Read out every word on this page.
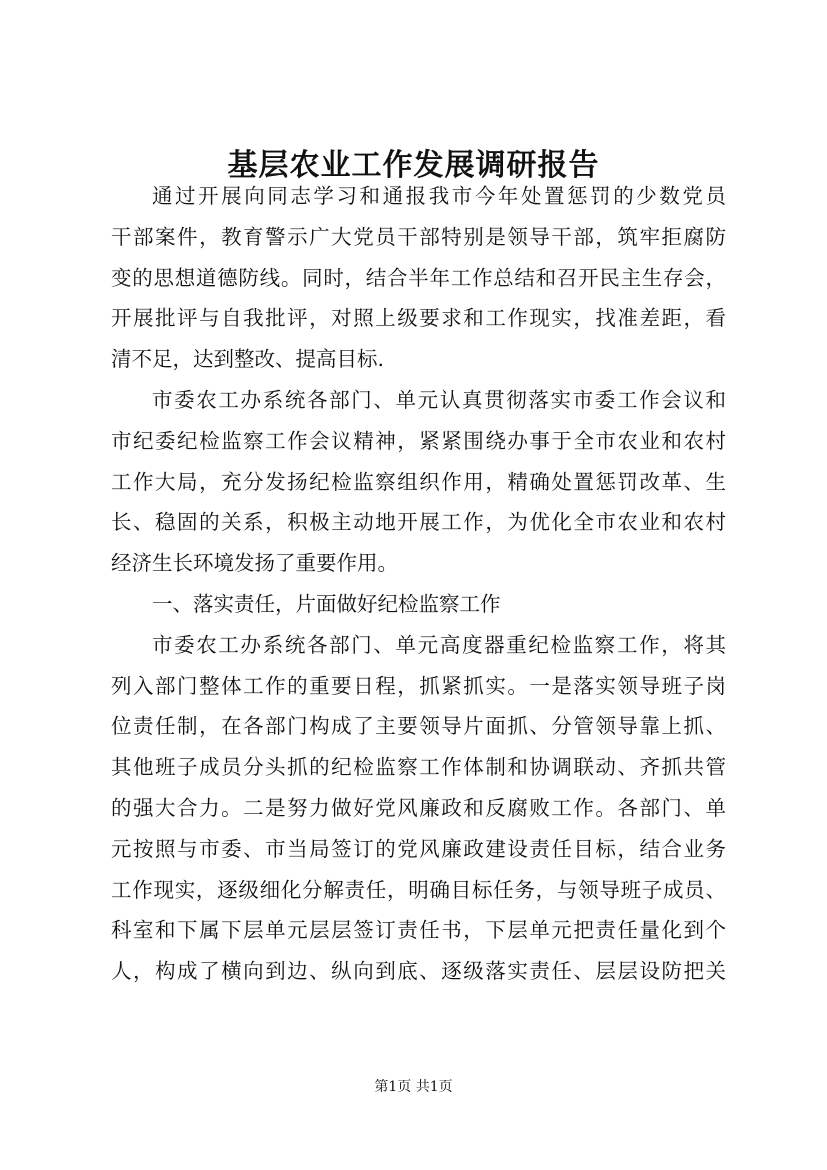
基层农业工作发展调研报告
通过开展向同志学习和通报我市今年处置惩罚的少数党员
干部案件，教育警示广大党员干部特别是领导干部，筑牢拒腐防
变的思想道德防线。同时，结合半年工作总结和召开民主生存会，
开展批评与自我批评，对照上级要求和工作现实，找准差距，看
清不足，达到整改、提高目标.
市委农工办系统各部门、单元认真贯彻落实市委工作会议和
市纪委纪检监察工作会议精神，紧紧围绕办事于全市农业和农村
工作大局，充分发扬纪检监察组织作用，精确处置惩罚改革、生
长、稳固的关系，积极主动地开展工作，为优化全市农业和农村
经济生长环境发扬了重要作用。
一、落实责任，片面做好纪检监察工作
市委农工办系统各部门、单元高度器重纪检监察工作，将其
列入部门整体工作的重要日程，抓紧抓实。一是落实领导班子岗
位责任制，在各部门构成了主要领导片面抓、分管领导靠上抓、
其他班子成员分头抓的纪检监察工作体制和协调联动、齐抓共管
的强大合力。二是努力做好党风廉政和反腐败工作。各部门、单
元按照与市委、市当局签订的党风廉政建设责任目标，结合业务
工作现实，逐级细化分解责任，明确目标任务，与领导班子成员、
科室和下属下层单元层层签订责任书，下层单元把责任量化到个
人，构成了横向到边、纵向到底、逐级落实责任、层层设防把关
第1页 共1页
